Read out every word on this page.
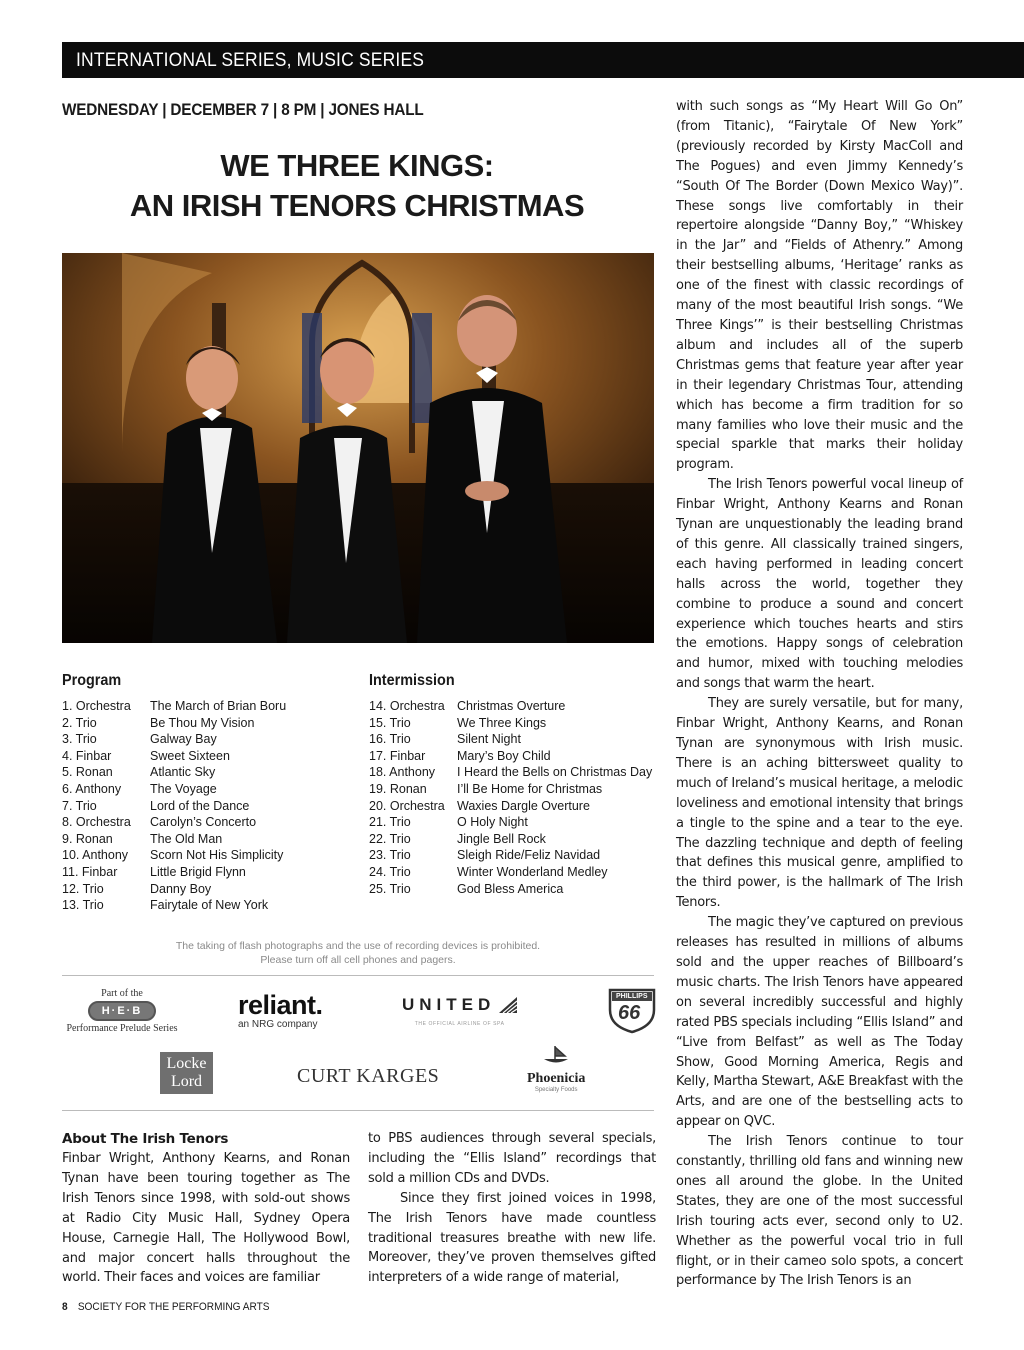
INTERNATIONAL SERIES, MUSIC SERIES
WEDNESDAY | DECEMBER 7 | 8 PM | JONES HALL
WE THREE KINGS:
AN IRISH TENORS CHRISTMAS
Program
1. Orchestra The March of Brian Boru
2. Trio	Be Thou My Vision
3. Trio	Galway Bay
4. Finbar	Sweet Sixteen
5. Ronan	Atlantic Sky
6. Anthony The Voyage
7. Trio	Lord of the Dance
8. Orchestra Carolyn’s Concerto
9. Ronan	The Old Man
10. Anthony Scorn Not His Simplicity
11. Finbar	Little Brigid Flynn
12. Trio	Danny Boy
13. Trio	Fairytale of New York
Intermission
14. Orchestra Christmas Overture
15. Trio	We Three Kings
16. Trio	Silent Night
17. Finbar	Mary’s Boy Child
18. Anthony I Heard the Bells on Christmas Day
19. Ronan I’ll Be Home for Christmas
20. Orchestra Waxies Dargle Overture
21. Trio	O Holy Night
22. Trio	Jingle Bell Rock
23. Trio	Sleigh Ride/Feliz Navidad
24. Trio	Winter Wonderland Medley
25. Trio	God Bless America
The taking of flash photographs and the use of recording devices is prohibited.
Please turn off all cell phones and pagers.
Part of the
H·E·B
Performance Prelude Series
reliant.
an NRG company
UNITED
THE OFFICIAL AIRLINE OF SPA
PHILLIPS
66
Locke
Lord	CURT KARGES	Phoenicia
Specialty Foods
About The Irish Tenors

Finbar Wright, Anthony Kearns, and Ronan Tynan have been touring together as The Irish Tenors since 1998, with sold-out shows at Radio City Music Hall, Sydney Opera House, Carnegie Hall, The Hollywood Bowl, and major concert halls throughout the world. Their faces and voices are familiar

to PBS audiences through several specials, including the “Ellis Island” recordings that sold a million CDs and DVDs.

Since they first joined voices in 1998, The Irish Tenors have made countless traditional treasures breathe with new life. Moreover, they’ve proven themselves gifted interpreters of a wide range of material,

with such songs as “My Heart Will Go On” (from Titanic), “Fairytale Of New York” (previously recorded by Kirsty MacColl and The Pogues) and even Jimmy Kennedy’s “South Of The Border (Down Mexico Way)”. These songs live comfortably in their repertoire alongside “Danny Boy,” “Whiskey in the Jar” and “Fields of Athenry.” Among their bestselling albums, ‘Heritage’ ranks as one of the finest with classic recordings of many of the most beautiful Irish songs. “We Three Kings’” is their bestselling Christmas album and includes all of the superb Christmas gems that feature year after year in their legendary Christmas Tour, attending which has become a firm tradition for so many families who love their music and the special sparkle that marks their holiday program.

The Irish Tenors powerful vocal lineup of Finbar Wright, Anthony Kearns and Ronan Tynan are unquestionably the leading brand of this genre. All classically trained singers, each having performed in leading concert halls across the world, together they combine to produce a sound and concert experience which touches hearts and stirs the emotions. Happy songs of celebration and humor, mixed with touching melodies and songs that warm the heart.

They are surely versatile, but for many, Finbar Wright, Anthony Kearns, and Ronan Tynan are synonymous with Irish music. There is an aching bittersweet quality to much of Ireland’s musical heritage, a melodic loveliness and emotional intensity that brings a tingle to the spine and a tear to the eye. The dazzling technique and depth of feeling that defines this musical genre, amplified to the third power, is the hallmark of The Irish Tenors.

The magic they’ve captured on previous releases has resulted in millions of albums sold and the upper reaches of Billboard’s music charts. The Irish Tenors have appeared on several incredibly successful and highly rated PBS specials including “Ellis Island” and “Live from Belfast” as well as The Today Show, Good Morning America, Regis and Kelly, Martha Stewart, A&E Breakfast with the Arts, and are one of the bestselling acts to appear on QVC.

The Irish Tenors continue to tour constantly, thrilling old fans and winning new ones all around the globe. In the United States, they are one of the most successful Irish touring acts ever, second only to U2. Whether as the powerful vocal trio in full flight, or in their cameo solo spots, a concert performance by The Irish Tenors is an

8 SOCIETY FOR THE PERFORMING ARTS
